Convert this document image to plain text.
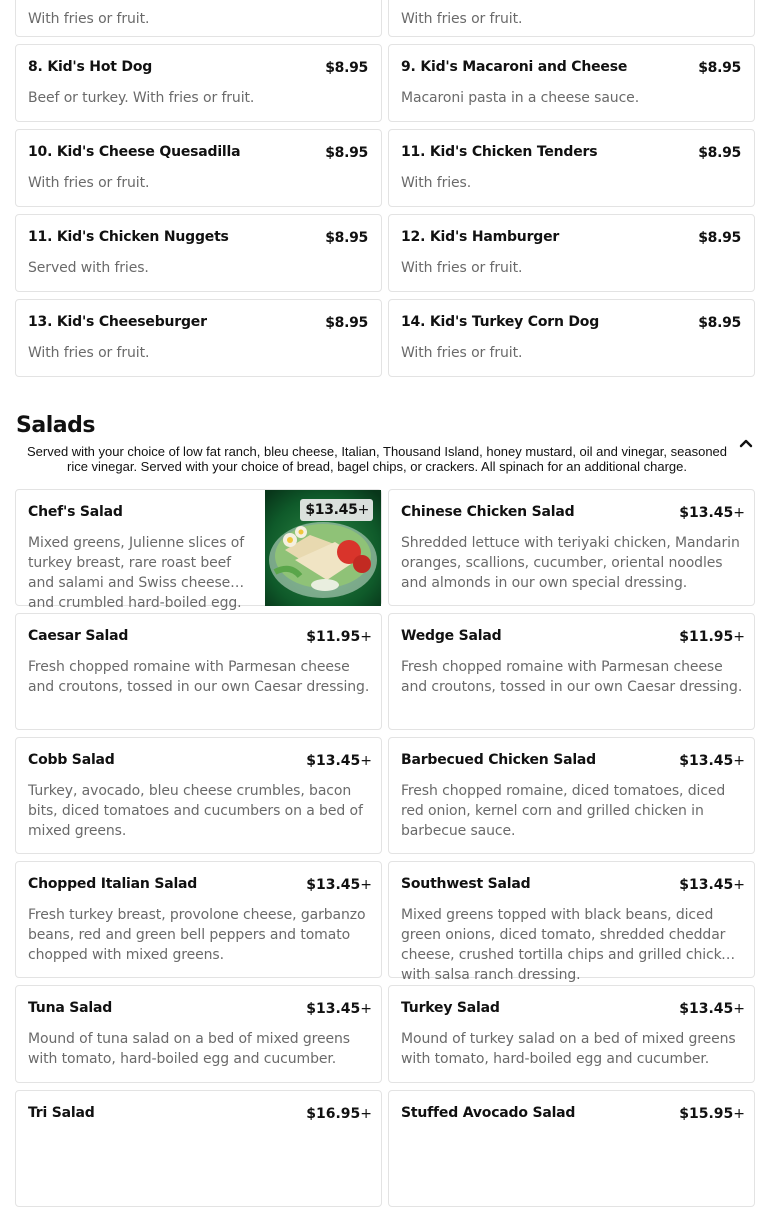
With fries or fruit.	With fries or fruit.
8. Kid's Hot Dog	$8.95
Beef or turkey. With fries or fruit.
9. Kid's Macaroni and Cheese	$8.95
Macaroni pasta in a cheese sauce.
10. Kid's Cheese Quesadilla	$8.95
With fries or fruit.
11. Kid's Chicken Tenders	$8.95
With fries.
11. Kid's Chicken Nuggets	$8.95
Served with fries.
12. Kid's Hamburger	$8.95
With fries or fruit.
13. Kid's Cheeseburger	$8.95
With fries or fruit.
14. Kid's Turkey Corn Dog	$8.95
With fries or fruit.
Salads
Served with your choice of low fat ranch, bleu cheese, Italian, Thousand Island, honey mustard, oil and vinegar, seasoned rice vinegar. Served with your choice of bread, bagel chips, or crackers. All spinach for an additional charge.
Chef's Salad
Mixed greens, Julienne slices of turkey breast, rare roast beef and salami and Swiss cheese and crumbled hard-boiled egg.
$13.45+ Chinese Chicken Salad	$13.45+
Shredded lettuce with teriyaki chicken, Mandarin oranges, scallions, cucumber, oriental noodles and almonds in our own special dressing.
Caesar Salad	$11.95+
Fresh chopped romaine with Parmesan cheese and croutons, tossed in our own Caesar dressing.
Wedge Salad	$11.95+
Fresh chopped romaine with Parmesan cheese and croutons, tossed in our own Caesar dressing.
Cobb Salad	$13.45+
Turkey, avocado, bleu cheese crumbles, bacon bits, diced tomatoes and cucumbers on a bed of mixed greens.
Barbecued Chicken Salad	$13.45+
Fresh chopped romaine, diced tomatoes, diced red onion, kernel corn and grilled chicken in barbecue sauce.
Chopped Italian Salad	$13.45+
Fresh turkey breast, provolone cheese, garbanzo beans, red and green bell peppers and tomato chopped with mixed greens.
Southwest Salad	$13.45+
Mixed greens topped with black beans, diced green onions, diced tomato, shredded cheddar cheese, crushed tortilla chips and grilled chicken with salsa ranch dressing.
Tuna Salad	$13.45+
Mound of tuna salad on a bed of mixed greens with tomato, hard-boiled egg and cucumber.
Turkey Salad	$13.45+
Mound of turkey salad on a bed of mixed greens with tomato, hard-boiled egg and cucumber.
Tri Salad	$16.95+ Stuffed Avocado Salad	$15.95+
